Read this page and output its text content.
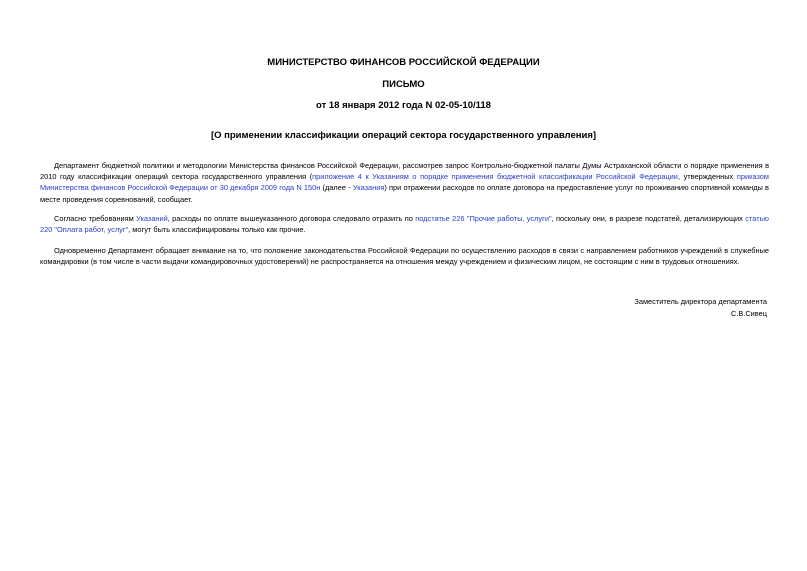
МИНИСТЕРСТВО ФИНАНСОВ РОССИЙСКОЙ ФЕДЕРАЦИИ
ПИСЬМО
от 18 января 2012 года N 02-05-10/118
[О применении классификации операций сектора государственного управления]

Департамент бюджетной политики и методологии Министерства финансов Российской Федерации, рассмотрев запрос Контрольно-бюджетной палаты Думы Астраханской области о порядке применения в 2010 году классификации операций сектора государственного управления (приложение 4 к Указаниям о порядке применения бюджетной классификации Российской Федерации, утвержденных приказом Министерства финансов Российской Федерации от 30 декабря 2009 года N 150н (далее - Указания) при отражении расходов по оплате договора на предоставление услуг по проживанию спортивной команды в месте проведения соревнований, сообщает.

Согласно требованиям Указаний, расходы по оплате вышеуказанного договора следовало отразить по подстатье 226 "Прочие работы, услуги", поскольку они, в разрезе подстатей, детализирующих статью 220 "Оплата работ, услуг", могут быть классифицированы только как прочие.

Одновременно Департамент обращает внимание на то, что положение законодательства Российской Федерации по осуществлению расходов в связи с направлением работников учреждений в служебные командировки (в том числе в части выдачи командировочных удостоверений) не распространяется на отношения между учреждением и физическим лицом, не состоящим с ним в трудовых отношениях.

Заместитель директора департамента
С.В.Сивец
